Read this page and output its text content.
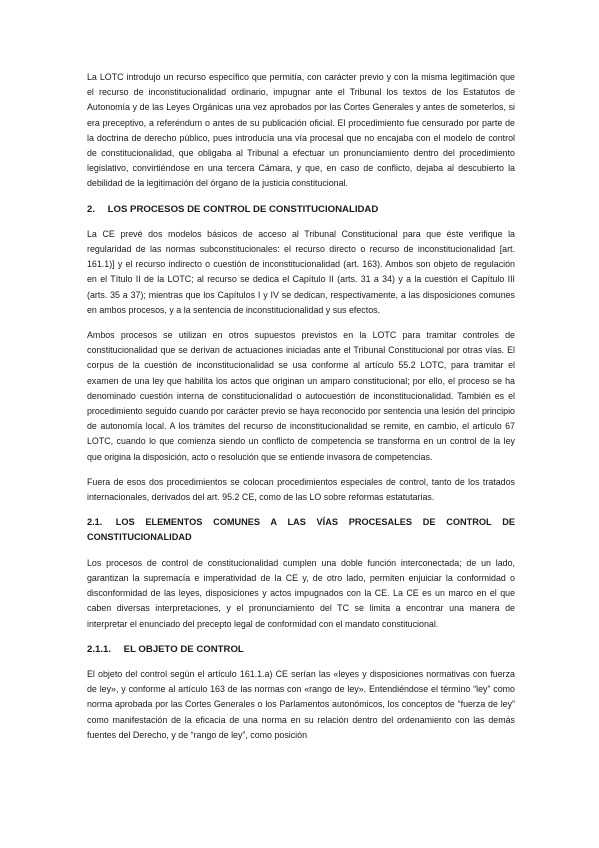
La LOTC introdujo un recurso específico que permitía, con carácter previo y con la misma legitimación que el recurso de inconstitucionalidad ordinario, impugnar ante el Tribunal los textos de los Estatutos de Autonomía y de las Leyes Orgánicas una vez aprobados por las Cortes Generales y antes de someterlos, si era preceptivo, a referéndum o antes de su publicación oficial. El procedimiento fue censurado por parte de la doctrina de derecho público, pues introducía una vía procesal que no encajaba con el modelo de control de constitucionalidad, que obligaba al Tribunal a efectuar un pronunciamiento dentro del procedimiento legislativo, convirtiéndose en una tercera Cámara, y que, en caso de conflicto, dejaba al descubierto la debilidad de la legitimación del órgano de la justicia constitucional.

2. LOS PROCESOS DE CONTROL DE CONSTITUCIONALIDAD

La CE prevé dos modelos básicos de acceso al Tribunal Constitucional para que éste verifique la regularidad de las normas subconstitucionales: el recurso directo o recurso de inconstitucionalidad [art. 161.1)] y el recurso indirecto o cuestión de inconstitucionalidad (art. 163). Ambos son objeto de regulación en el Título II de la LOTC; al recurso se dedica el Capítulo II (arts. 31 a 34) y a la cuestión el Capítulo III (arts. 35 a 37); mientras que los Capítulos I y IV se dedican, respectivamente, a las disposiciones comunes en ambos procesos, y a la sentencia de inconstitucionalidad y sus efectos.

Ambos procesos se utilizan en otros supuestos previstos en la LOTC para tramitar controles de constitucionalidad que se derivan de actuaciones iniciadas ante el Tribunal Constitucional por otras vías. El corpus de la cuestión de inconstitucionalidad se usa conforme al artículo 55.2 LOTC, para tramitar el examen de una ley que habilita los actos que originan un amparo constitucional; por ello, el proceso se ha denominado cuestión interna de constitucionalidad o autocuestión de inconstitucionalidad. También es el procedimiento seguido cuando por carácter previo se haya reconocido por sentencia una lesión del principio de autonomía local. A los trámites del recurso de inconstitucionalidad se remite, en cambio, el artículo 67 LOTC, cuando lo que comienza siendo un conflicto de competencia se transforma en un control de la ley que origina la disposición, acto o resolución que se entiende invasora de competencias.

Fuera de esos dos procedimientos se colocan procedimientos especiales de control, tanto de los tratados internacionales, derivados del art. 95.2 CE, como de las LO sobre reformas estatutarias.

2.1. LOS ELEMENTOS COMUNES A LAS VÍAS PROCESALES DE CONTROL DE CONSTITUCIONALIDAD

Los procesos de control de constitucionalidad cumplen una doble función interconectada; de un lado, garantizan la supremacía e imperatividad de la CE y, de otro lado, permiten enjuiciar la conformidad o disconformidad de las leyes, disposiciones y actos impugnados con la CE. La CE es un marco en el que caben diversas interpretaciones, y el pronunciamiento del TC se limita a encontrar una manera de interpretar el enunciado del precepto legal de conformidad con el mandato constitucional.

2.1.1. EL OBJETO DE CONTROL

El objeto del control según el artículo 161.1.a) CE serían las «leyes y disposiciones normativas con fuerza de ley», y conforme al artículo 163 de las normas con «rango de ley». Entendiéndose el término “ley” como norma aprobada por las Cortes Generales o los Parlamentos autonómicos, los conceptos de “fuerza de ley” como manifestación de la eficacia de una norma en su relación dentro del ordenamiento con las demás fuentes del Derecho, y de “rango de ley”, como posición
